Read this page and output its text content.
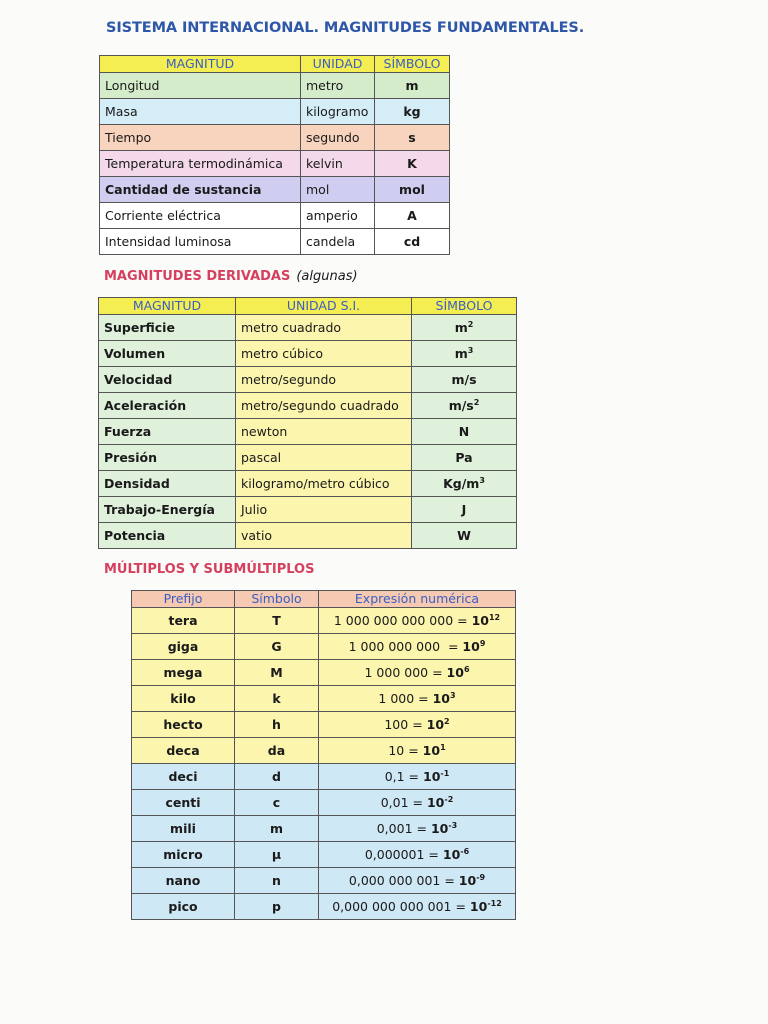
SISTEMA INTERNACIONAL. MAGNITUDES FUNDAMENTALES.
MAGNITUD	UNIDAD	SÍMBOLO
Longitud	metro	m
Masa	kilogramo	kg
Tiempo	segundo	s
Temperatura termodinámica	kelvin	K
Cantidad de sustancia	mol	mol
Corriente eléctrica	amperio	A
Intensidad luminosa	candela	cd
MAGNITUDES DERIVADAS (algunas)
MAGNITUD	UNIDAD S.I.	SÍMBOLO
Superficie	metro cuadrado	$m^2$
Volumen	metro cúbico	$m^3$
Velocidad	metro/segundo	m/s
Aceleración	metro/segundo cuadrado	$m/s^2$
Fuerza	newton	N
Presión	pascal	Pa
Densidad	kilogramo/metro cúbico	$Kg/m^3$
Trabajo-Energía	Julio	J
Potencia	vatio	W
MÚLTIPLOS Y SUBMÚLTIPLOS
Prefijo	Símbolo	Expresión numérica
tera	T	1 000 000 000 $000 = 10^{12}$
giga	G	1 000 000 $000 = 10^9$
mega	M	1 000 $000 = 10^6$
kilo	k	1 $000 = 10^3$
hecto	h	$100 = 10^2$
deca	da	$10 = 10^1$
deci	d	$0,1 = 10^{-1}$
centi	c	$0,01 = 10^{-2}$
mili	m	$0,001 = 10^{-3}$
micro	µ	$0,000001 = 10^{-6}$
nano	n	0,000 000 $001 = 10^{-9}$
pico	p	0,000 000 000 $001 = 10^{-12}$
